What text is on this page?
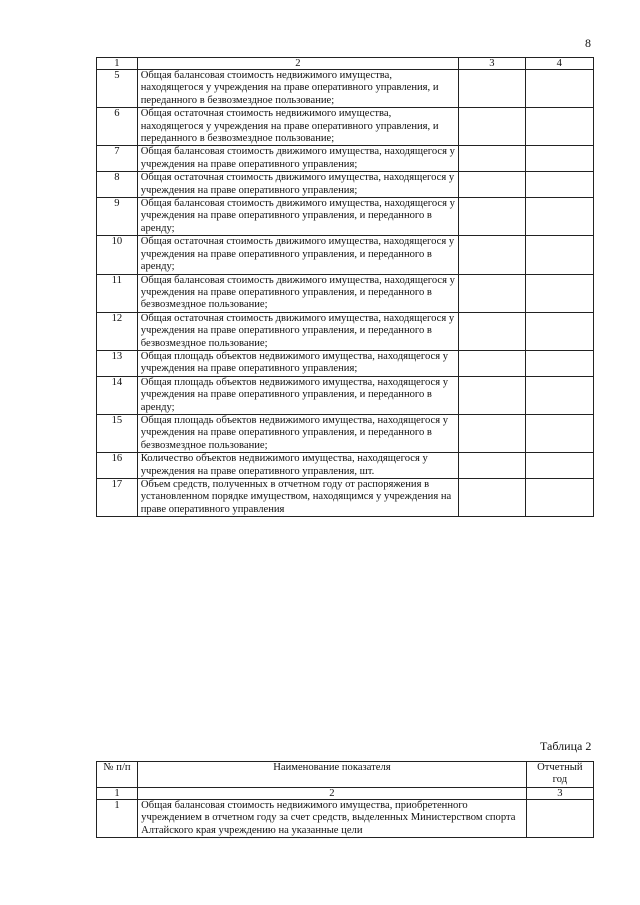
8
1	2	3	4
5	Общая балансовая стоимость недвижимого имущества, находящегося у учреждения на праве оперативного управления, и переданного в безвозмездное пользование;		
6	Общая остаточная стоимость недвижимого имущества, находящегося у учреждения на праве оперативного управления, и переданного в безвозмездное пользование;		
7	Общая балансовая стоимость движимого имущества, находящегося у учреждения на праве оперативного управления;		
8	Общая остаточная стоимость движимого имущества, находящегося у учреждения на праве оперативного управления;		
9	Общая балансовая стоимость движимого имущества, находящегося у учреждения на праве оперативного управления, и переданного в аренду;		
10	Общая остаточная стоимость движимого имущества, находящегося у учреждения на праве оперативного управления, и переданного в аренду;		
11	Общая балансовая стоимость движимого имущества, находящегося у учреждения на праве оперативного управления, и переданного в безвозмездное пользование;		
12	Общая остаточная стоимость движимого имущества, находящегося у учреждения на праве оперативного управления, и переданного в безвозмездное пользование;		
13	Общая площадь объектов недвижимого имущества, находящегося у учреждения на праве оперативного управления;		
14	Общая площадь объектов недвижимого имущества, находящегося у учреждения на праве оперативного управления, и переданного в аренду;		
15	Общая площадь объектов недвижимого имущества, находящегося у учреждения на праве оперативного управления, и переданного в безвозмездное пользование;		
16	Количество объектов недвижимого имущества, находящегося у учреждения на праве оперативного управления, шт.		
17	Объем средств, полученных в отчетном году от распоряжения в установленном порядке имуществом, находящимся у учреждения на праве оперативного управления		
Таблица 2
№ п/п	Наименование показателя	Отчетный год
1	2	3
1	Общая балансовая стоимость недвижимого имущества, приобретенного учреждением в отчетном году за счет средств, выделенных Министерством спорта Алтайского края учреждению на указанные цели	
